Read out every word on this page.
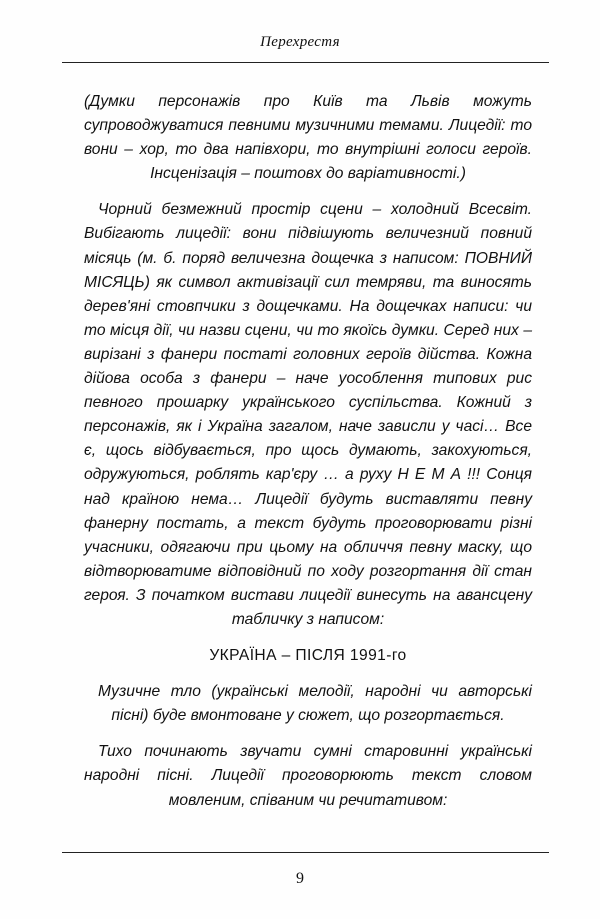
Перехрестя

(Думки персонажів про Київ та Львів можуть супроводжуватися певними музичними темами. Лицедії: то вони – хор, то два напівхори, то внутрішні голоси героїв. Інсценізація – поштовх до варіативності.)

Чорний безмежний простір сцени – холодний Всесвіт. Вибігають лицедії: вони підвішують величезний повний місяць (м. б. поряд величезна дощечка з написом: ПОВНИЙ МІСЯЦЬ) як символ активізації сил темряви, та виносять дерев'яні стовпчики з дощечками. На дощечках написи: чи то місця дії, чи назви сцени, чи то якоїсь думки. Серед них – вирізані з фанери постаті головних героїв дійства. Кожна дійова особа з фанери – наче уособлення типових рис певного прошарку українського суспільства. Кожний з персонажів, як і Україна загалом, наче зависли у часі… Все є, щось відбувається, про щось думають, закохуються, одружуються, роблять кар'єру … а руху Н Е М А !!! Сонця над країною нема… Лицедії будуть виставляти певну фанерну постать, а текст будуть проговорювати різні учасники, одягаючи при цьому на обличчя певну маску, що відтворюватиме відповідний по ходу розгортання дії стан героя. З початком вистави лицедії винесуть на авансцену табличку з написом:

УКРАЇНА – ПІСЛЯ 1991-го

Музичне тло (українські мелодії, народні чи авторські пісні) буде вмонтоване у сюжет, що розгортається.

Тихо починають звучати сумні старовинні українські народні пісні. Лицедії проговорюють текст словом мовленим, співаним чи речитативом:

9
